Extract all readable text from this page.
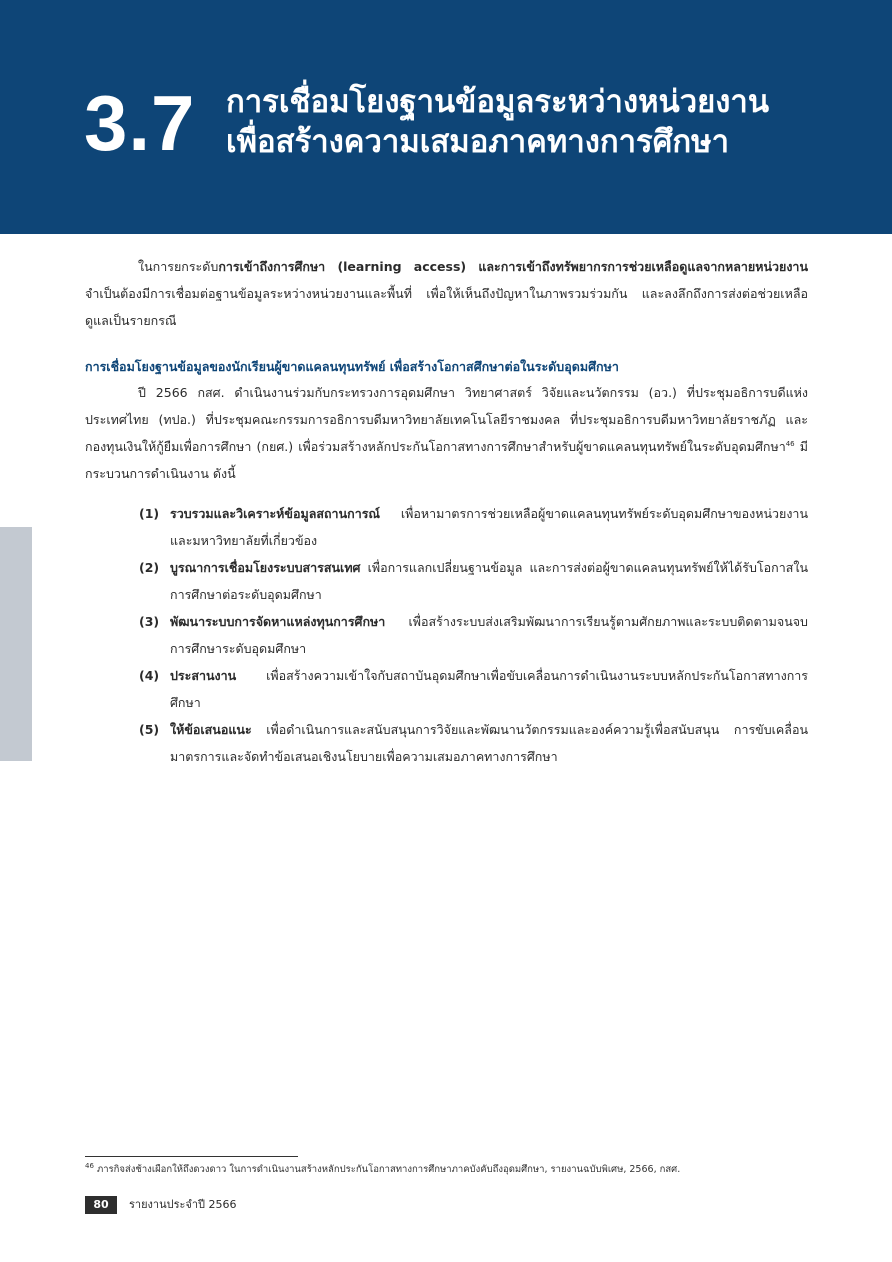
3.7 การเชื่อมโยงฐานข้อมูลระหว่างหน่วยงาน
เพื่อสร้างความเสมอภาคทางการศึกษา

ในการยกระดับการเข้าถึงการศึกษา (learning access) และการเข้าถึงทรัพยากรการช่วยเหลือดูแลจากหลายหน่วยงาน จำเป็นต้องมีการเชื่อมต่อฐานข้อมูลระหว่างหน่วยงานและพื้นที่ เพื่อให้เห็นถึงปัญหาในภาพรวมร่วมกัน และลงลึกถึงการส่งต่อช่วยเหลือดูแลเป็นรายกรณี

การเชื่อมโยงฐานข้อมูลของนักเรียนผู้ขาดแคลนทุนทรัพย์ เพื่อสร้างโอกาสศึกษาต่อในระดับอุดมศึกษา

ปี 2566 กสศ. ดำเนินงานร่วมกับกระทรวงการอุดมศึกษา วิทยาศาสตร์ วิจัยและนวัตกรรม (อว.) ที่ประชุมอธิการบดีแห่งประเทศไทย (ทปอ.) ที่ประชุมคณะกรรมการอธิการบดีมหาวิทยาลัยเทคโนโลยีราชมงคล ที่ประชุมอธิการบดีมหาวิทยาลัยราชภัฏ และกองทุนเงินให้กู้ยืมเพื่อการศึกษา (กยศ.) เพื่อร่วมสร้างหลักประกันโอกาสทางการศึกษาสำหรับผู้ขาดแคลนทุนทรัพย์ในระดับอุดมศึกษา$^{46}$ มีกระบวนการดำเนินงาน ดังนี้

(1) รวบรวมและวิเคราะห์ข้อมูลสถานการณ์ เพื่อหามาตรการช่วยเหลือผู้ขาดแคลนทุนทรัพย์ระดับอุดมศึกษาของหน่วยงาน และมหาวิทยาลัยที่เกี่ยวข้อง
(2) บูรณาการเชื่อมโยงระบบสารสนเทศ เพื่อการแลกเปลี่ยนฐานข้อมูล และการส่งต่อผู้ขาดแคลนทุนทรัพย์ให้ได้รับโอกาสในการศึกษาต่อระดับอุดมศึกษา
(3) พัฒนาระบบการจัดหาแหล่งทุนการศึกษา เพื่อสร้างระบบส่งเสริมพัฒนาการเรียนรู้ตามศักยภาพและระบบติดตามจนจบการศึกษาระดับอุดมศึกษา
(4) ประสานงาน เพื่อสร้างความเข้าใจกับสถาบันอุดมศึกษาเพื่อขับเคลื่อนการดำเนินงานระบบหลักประกันโอกาสทางการศึกษา
(5) ให้ข้อเสนอแนะ เพื่อดำเนินการและสนับสนุนการวิจัยและพัฒนานวัตกรรมและองค์ความรู้เพื่อสนับสนุน การขับเคลื่อนมาตรการและจัดทำข้อเสนอเชิงนโยบายเพื่อความเสมอภาคทางการศึกษา
$^{46}$ ภารกิจส่งช้างเผือกให้ถึงดวงดาว ในการดำเนินงานสร้างหลักประกันโอกาสทางการศึกษาภาคบังคับถึงอุดมศึกษา, รายงานฉบับพิเศษ, 2566, กสศ.
80	รายงานประจำปี 2566
